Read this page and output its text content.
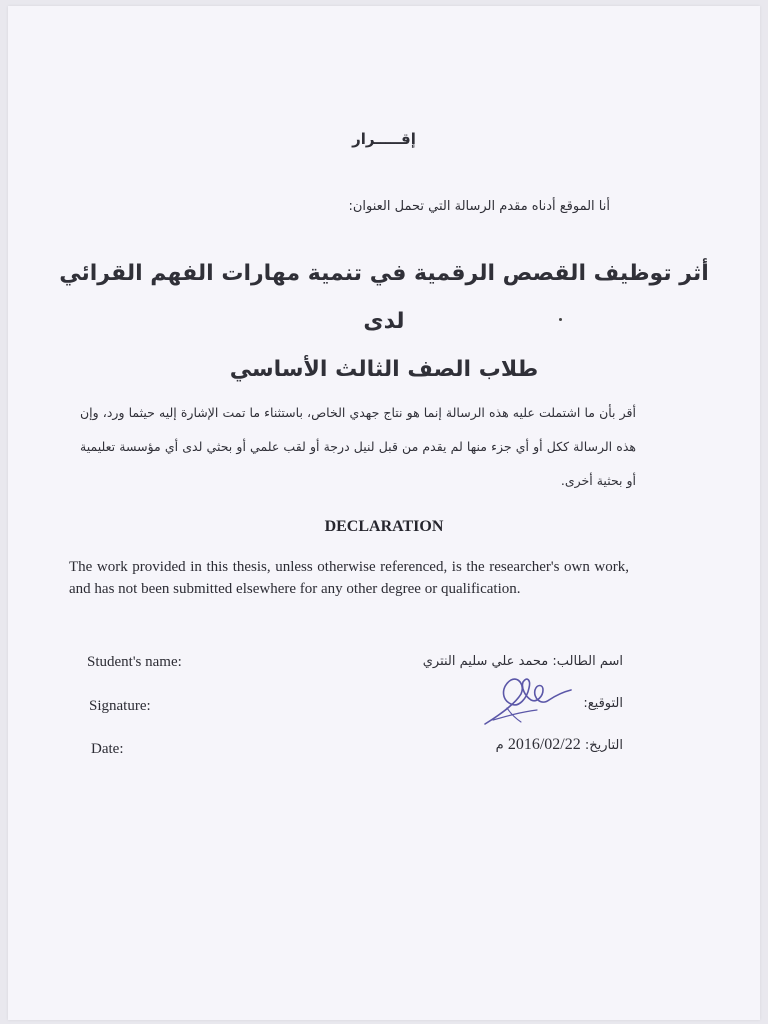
إقـــــرار
أنا الموقع أدناه مقدم الرسالة التي تحمل العنوان:
أثر توظيف القصص الرقمية في تنمية مهارات الفهم القرائي لدى
طلاب الصف الثالث الأساسي
أقر بأن ما اشتملت عليه هذه الرسالة إنما هو نتاج جهدي الخاص، باستثناء ما تمت الإشارة إليه حيثما ورد، وإن هذه الرسالة ككل أو أي جزء منها لم يقدم من قبل لنيل درجة أو لقب علمي أو بحثي لدى أي مؤسسة تعليمية أو بحثية أخرى.
DECLARATION
The work provided in this thesis, unless otherwise referenced, is the researcher's own work, and has not been submitted elsewhere for any other degree or qualification.
Student's name:
Signature:
Date:
اسم الطالب: محمد علي سليم النتري
التوقيع:
التاريخ: 2016/02/22 م
